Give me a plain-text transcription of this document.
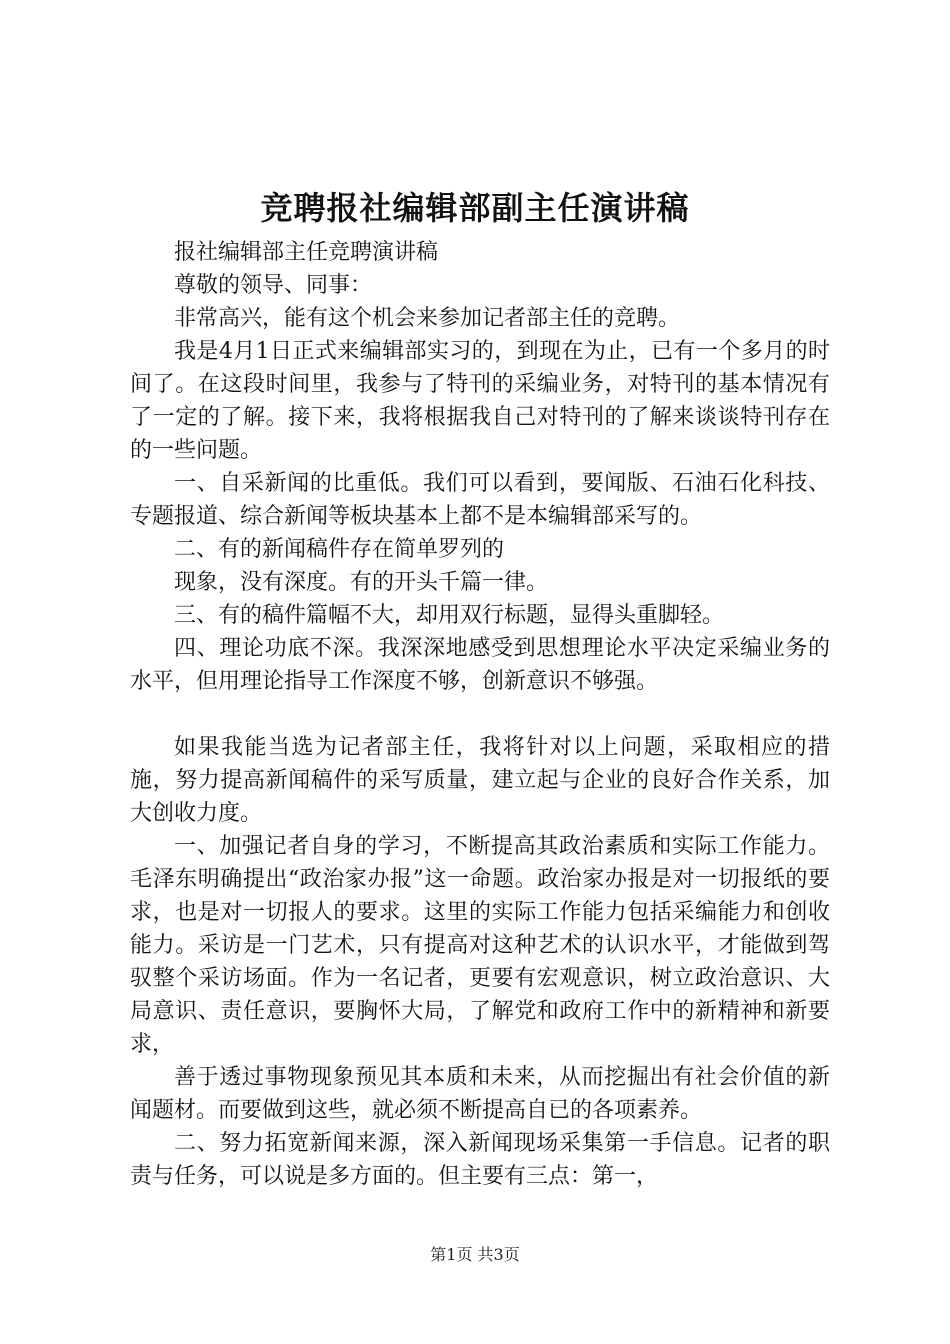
竞聘报社编辑部副主任演讲稿

报社编辑部主任竞聘演讲稿

尊敬的领导、同事：

非常高兴，能有这个机会来参加记者部主任的竞聘。

我是4月1日正式来编辑部实习的，到现在为止，已有一个多月的时间了。在这段时间里，我参与了特刊的采编业务，对特刊的基本情况有了一定的了解。接下来，我将根据我自己对特刊的了解来谈谈特刊存在的一些问题。

一、自采新闻的比重低。我们可以看到，要闻版、石油石化科技、专题报道、综合新闻等板块基本上都不是本编辑部采写的。

二、有的新闻稿件存在简单罗列的

现象，没有深度。有的开头千篇一律。

三、有的稿件篇幅不大，却用双行标题，显得头重脚轻。

四、理论功底不深。我深深地感受到思想理论水平决定采编业务的水平，但用理论指导工作深度不够，创新意识不够强。

如果我能当选为记者部主任，我将针对以上问题，采取相应的措施，努力提高新闻稿件的采写质量，建立起与企业的良好合作关系，加大创收力度。

一、加强记者自身的学习，不断提高其政治素质和实际工作能力。毛泽东明确提出“政治家办报”这一命题。政治家办报是对一切报纸的要求，也是对一切报人的要求。这里的实际工作能力包括采编能力和创收能力。采访是一门艺术，只有提高对这种艺术的认识水平，才能做到驾驭整个采访场面。作为一名记者，更要有宏观意识，树立政治意识、大局意识、责任意识，要胸怀大局，了解党和政府工作中的新精神和新要求，

善于透过事物现象预见其本质和未来，从而挖掘出有社会价值的新闻题材。而要做到这些，就必须不断提高自已的各项素养。

二、努力拓宽新闻来源，深入新闻现场采集第一手信息。记者的职责与任务，可以说是多方面的。但主要有三点：第一，

第1页 共3页
